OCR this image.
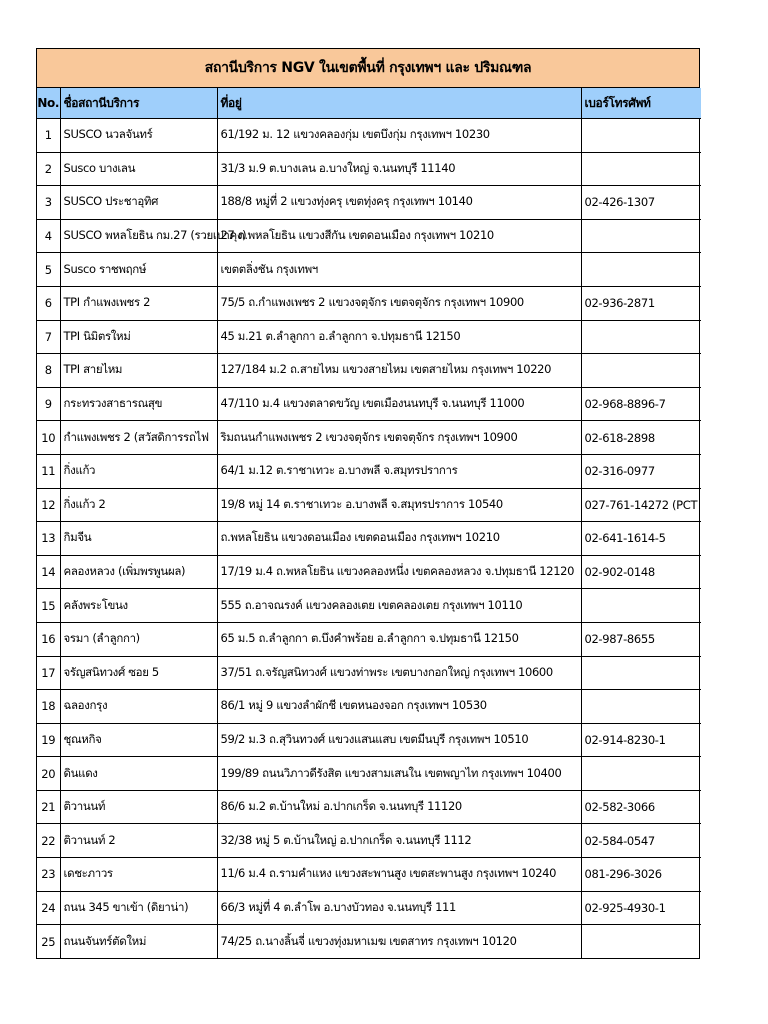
สถานีบริการ NGV ในเขตพื้นที่ กรุงเทพฯ และ ปริมณฑล
No.	ชื่อสถานีบริการ	ที่อยู่	เบอร์โทรศัพท์
1	SUSCO นวลจันทร์	61/192 ม. 12 แขวงคลองกุ่ม เขตบึงกุ่ม กรุงเทพฯ 10230	
2	Susco บางเลน	31/3 ม.9 ต.บางเลน อ.บางใหญ่ จ.นนทบุรี 11140	
3	SUSCO ประชาอุทิศ	188/8 หมู่ที่ 2 แขวงทุ่งครุ เขตทุ่งครุ กรุงเทพฯ 10140	02-426-1307
4	SUSCO พหลโยธิน กม.27 (รวยเปาคุง)	27 ถ.พหลโยธิน แขวงสีกัน เขตดอนเมือง กรุงเทพฯ 10210	
5	Susco ราชพฤกษ์	เขตตลิ่งชัน กรุงเทพฯ	
6	TPI กำแพงเพชร 2	75/5 ถ.กำแพงเพชร 2 แขวงจตุจักร เขตจตุจักร กรุงเทพฯ 10900	02-936-2871
7	TPI นิมิตรใหม่	45 ม.21 ต.ลำลูกกา อ.ลำลูกกา จ.ปทุมธานี 12150	
8	TPI สายไหม	127/184 ม.2 ถ.สายไหม แขวงสายไหม เขตสายไหม กรุงเทพฯ 10220	
9	กระทรวงสาธารณสุข	47/110 ม.4 แขวงตลาดขวัญ เขตเมืองนนทบุรี จ.นนทบุรี 11000	02-968-8896-7
10	กำแพงเพชร 2 (สวัสดิการรถไฟ	ริมถนนกำแพงเพชร 2 เขวงจตุจักร เขตจตุจักร กรุงเทพฯ 10900	02-618-2898
11	กิ่งแก้ว	64/1 ม.12 ต.ราชาเทวะ อ.บางพลี จ.สมุทรปราการ	02-316-0977
12	กิ่งแก้ว 2	19/8 หมู่ 14 ต.ราชาเทวะ อ.บางพลี จ.สมุทรปราการ 10540	027-761-14272 (PCT
13	กิมจีน	ถ.พหลโยธิน แขวงดอนเมือง เขตดอนเมือง กรุงเทพฯ 10210	02-641-1614-5
14	คลองหลวง (เพิ่มพรพูนผล)	17/19 ม.4 ถ.พหลโยธิน แขวงคลองหนึ่ง เขตคลองหลวง จ.ปทุมธานี 12120	02-902-0148
15	คลังพระโขนง	555 ถ.อาจณรงค์ แขวงคลองเตย เขตคลองเตย กรุงเทพฯ 10110	
16	จรมา (ลำลูกกา)	65 ม.5 ถ.ลำลูกกา ต.บึงคำพร้อย อ.ลำลูกกา จ.ปทุมธานี 12150	02-987-8655
17	จรัญสนิทวงศ์ ซอย 5	37/51 ถ.จรัญสนิทวงศ์ แขวงท่าพระ เขตบางกอกใหญ่ กรุงเทพฯ 10600	
18	ฉลองกรุง	86/1 หมู่ 9 แขวงลำผักชี เขตหนองจอก กรุงเทพฯ 10530	
19	ชุณหกิจ	59/2 ม.3 ถ.สุวินทวงศ์ แขวงแสนแสบ เขตมีนบุรี กรุงเทพฯ 10510	02-914-8230-1
20	ดินแดง	199/89 ถนนวิภาวดีรังสิต แขวงสามเสนใน เขตพญาไท กรุงเทพฯ 10400	
21	ติวานนท์	86/6 ม.2 ต.บ้านใหม่ อ.ปากเกร็ด จ.นนทบุรี 11120	02-582-3066
22	ติวานนท์ 2	32/38 หมู่ 5 ต.บ้านใหญ่ อ.ปากเกร็ด จ.นนทบุรี 1112	02-584-0547
23	เดชะภาวร	11/6 ม.4 ถ.รามคำแหง แขวงสะพานสูง เขตสะพานสูง กรุงเทพฯ 10240	081-296-3026
24	ถนน 345 ขาเข้า (ดิยาน่า)	66/3 หมู่ที่ 4 ต.ลำโพ อ.บางบัวทอง จ.นนทบุรี 111	02-925-4930-1
25	ถนนจันทร์ตัดใหม่	74/25 ถ.นางลิ้นจี่ แขวงทุ่งมหาเมฆ เขตสาทร กรุงเทพฯ 10120	
